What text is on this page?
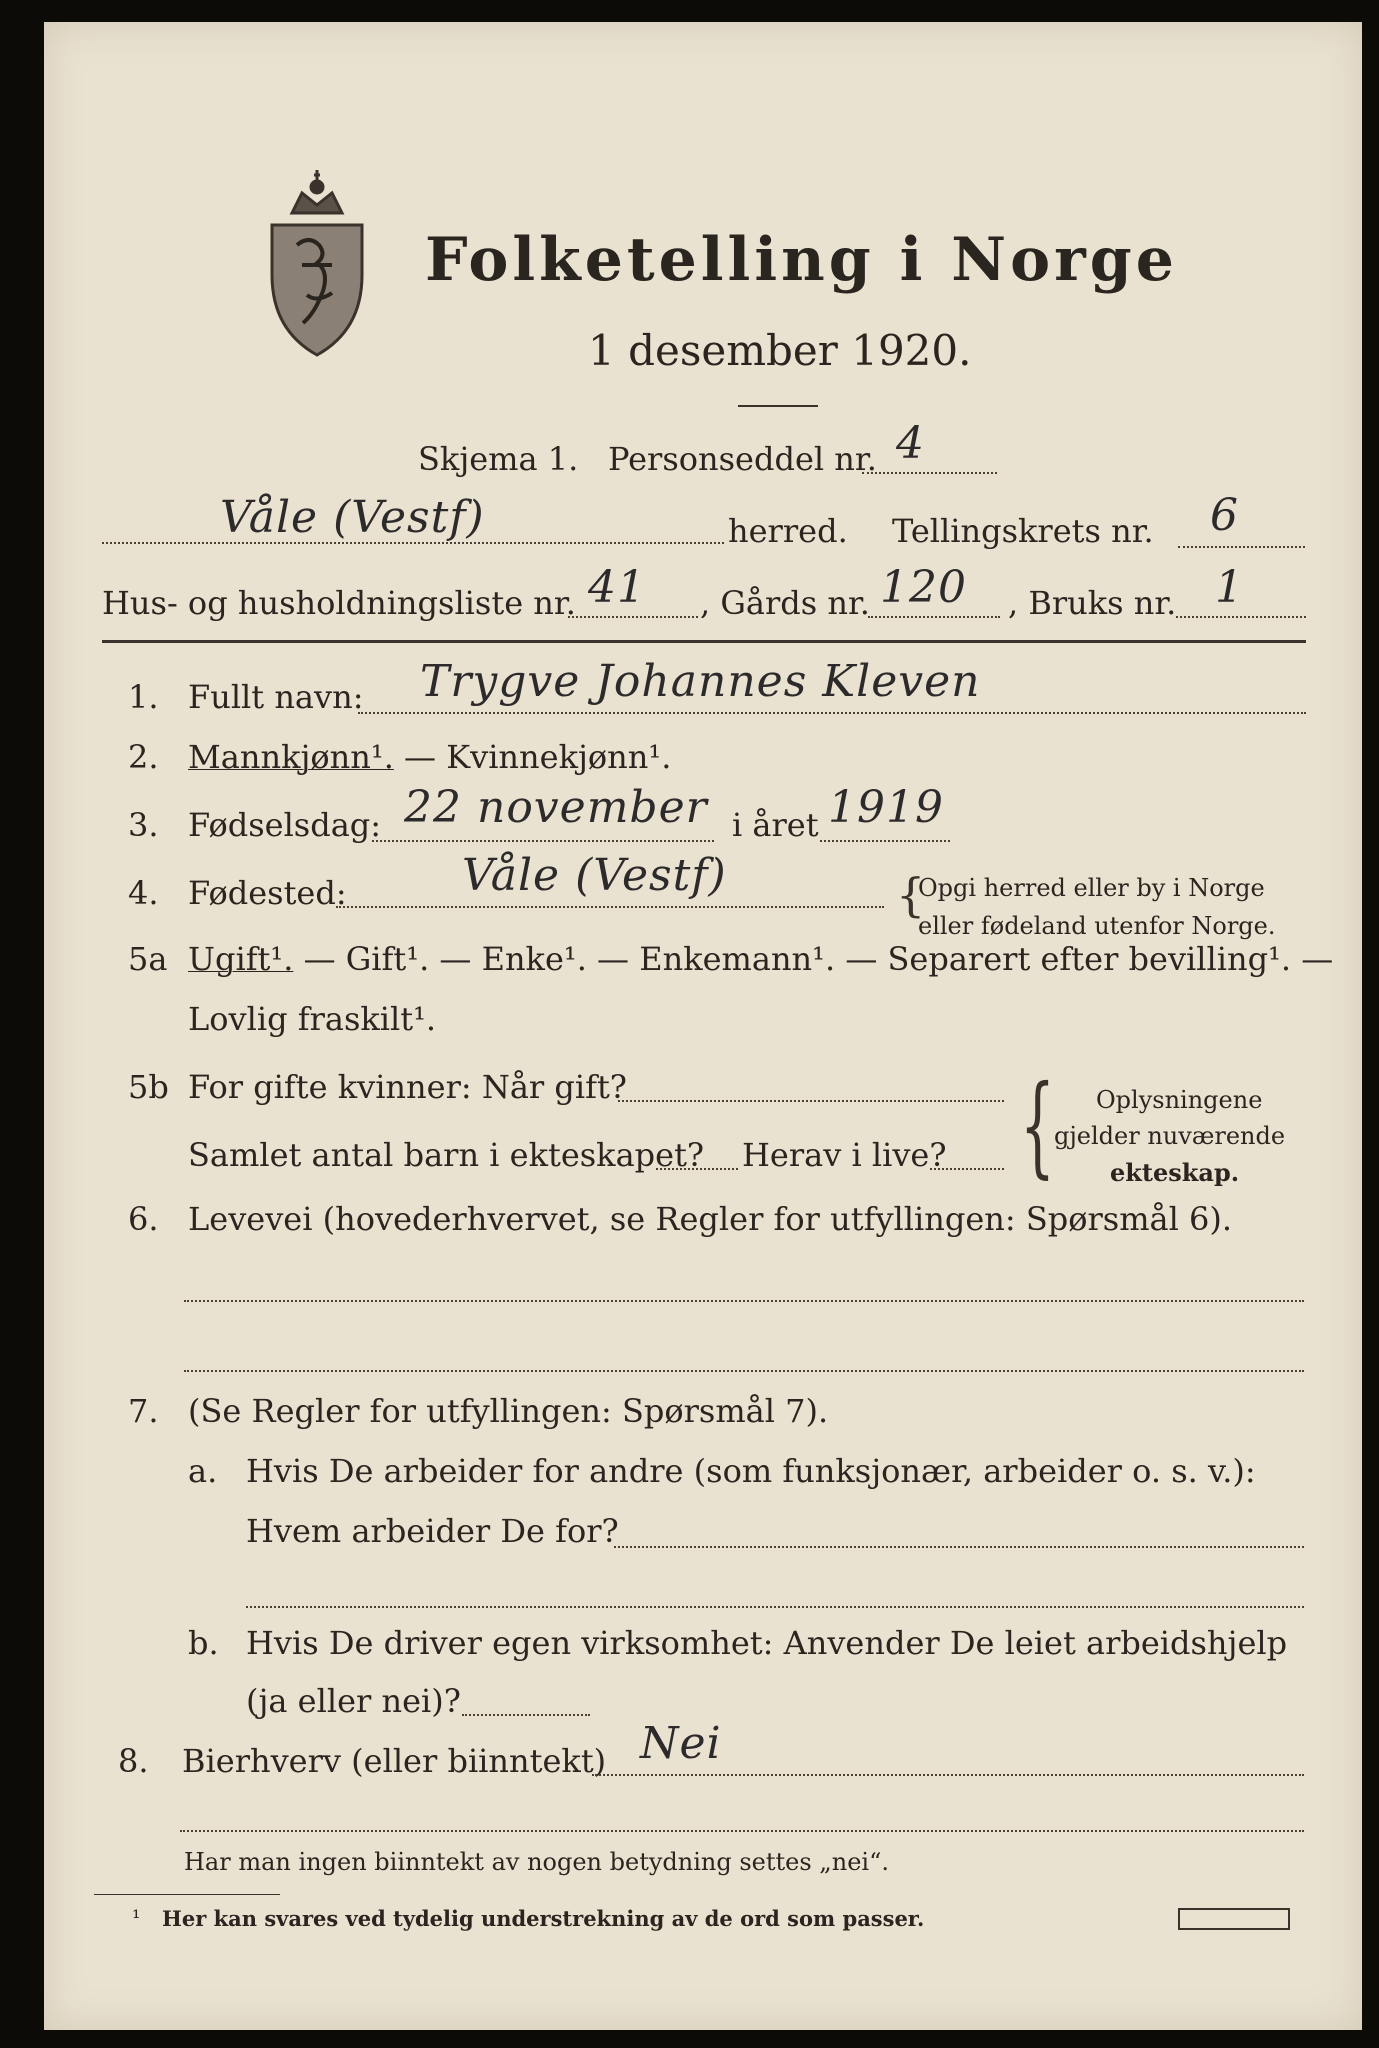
Folketelling i Norge
1 desember 1920.
Skjema 1. Personseddel nr. 4
Våle (Vestf)	herred. Tellingskrets nr. 6
Hus- og husholdningsliste nr. 41 , Gårds nr. 120 , Bruks nr. 1
1. Fullt navn: Trygve Johannes Kleven
2. Mannkjønn¹. — Kvinnekjønn¹.
3. Fødselsdag: 22 november i året 1919
4. Fødested:	Våle (Vestf)	{
Opgi herred eller by i Norge
eller fødeland utenfor Norge.
5a Ugift¹. — Gift¹. — Enke¹. — Enkemann¹. — Separert efter bevilling¹. —
Lovlig fraskilt¹.
5b For gifte kvinner: Når gift?
Samlet antal barn i ekteskapet? Herav i live? { Oplysningene
gjelder nuværende
ekteskap.
6. Levevei (hovederhvervet, se Regler for utfyllingen: Spørsmål 6).
7. (Se Regler for utfyllingen: Spørsmål 7).
a. Hvis De arbeider for andre (som funksjonær, arbeider o. s. v.):
Hvem arbeider De for?
b. Hvis De driver egen virksomhet: Anvender De leiet arbeidshjelp
(ja eller nei)?
8. Bierhverv (eller biinntekt) Nei
Har man ingen biinntekt av nogen betydning settes „nei“.
¹ Her kan svares ved tydelig understrekning av de ord som passer.
